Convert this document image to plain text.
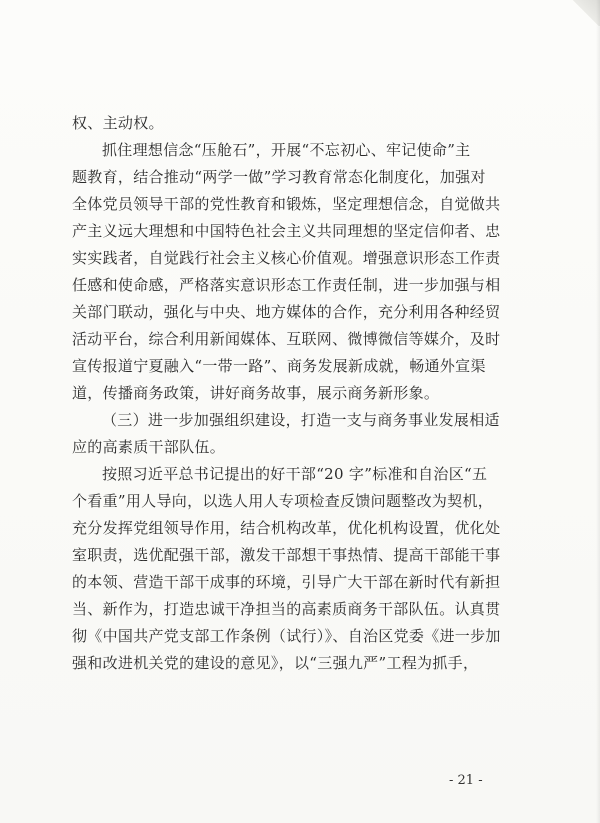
权、主动权。
抓住理想信念“压舱石”，开展“不忘初心、牢记使命”主
题教育，结合推动“两学一做”学习教育常态化制度化，加强对
全体党员领导干部的党性教育和锻炼，坚定理想信念，自觉做共
产主义远大理想和中国特色社会主义共同理想的坚定信仰者、忠
实实践者，自觉践行社会主义核心价值观。增强意识形态工作责
任感和使命感，严格落实意识形态工作责任制，进一步加强与相
关部门联动，强化与中央、地方媒体的合作，充分利用各种经贸
活动平台，综合利用新闻媒体、互联网、微博微信等媒介，及时
宣传报道宁夏融入“一带一路”、商务发展新成就，畅通外宣渠
道，传播商务政策，讲好商务故事，展示商务新形象。
（三）进一步加强组织建设，打造一支与商务事业发展相适
应的高素质干部队伍。
按照习近平总书记提出的好干部“20 字”标准和自治区“五
个看重”用人导向，以选人用人专项检查反馈问题整改为契机，
充分发挥党组领导作用，结合机构改革，优化机构设置，优化处
室职责，选优配强干部，激发干部想干事热情、提高干部能干事
的本领、营造干部干成事的环境，引导广大干部在新时代有新担
当、新作为，打造忠诚干净担当的高素质商务干部队伍。认真贯
彻《中国共产党支部工作条例（试行）》、自治区党委《进一步加
强和改进机关党的建设的意见》，以“三强九严”工程为抓手，
- 21 -
